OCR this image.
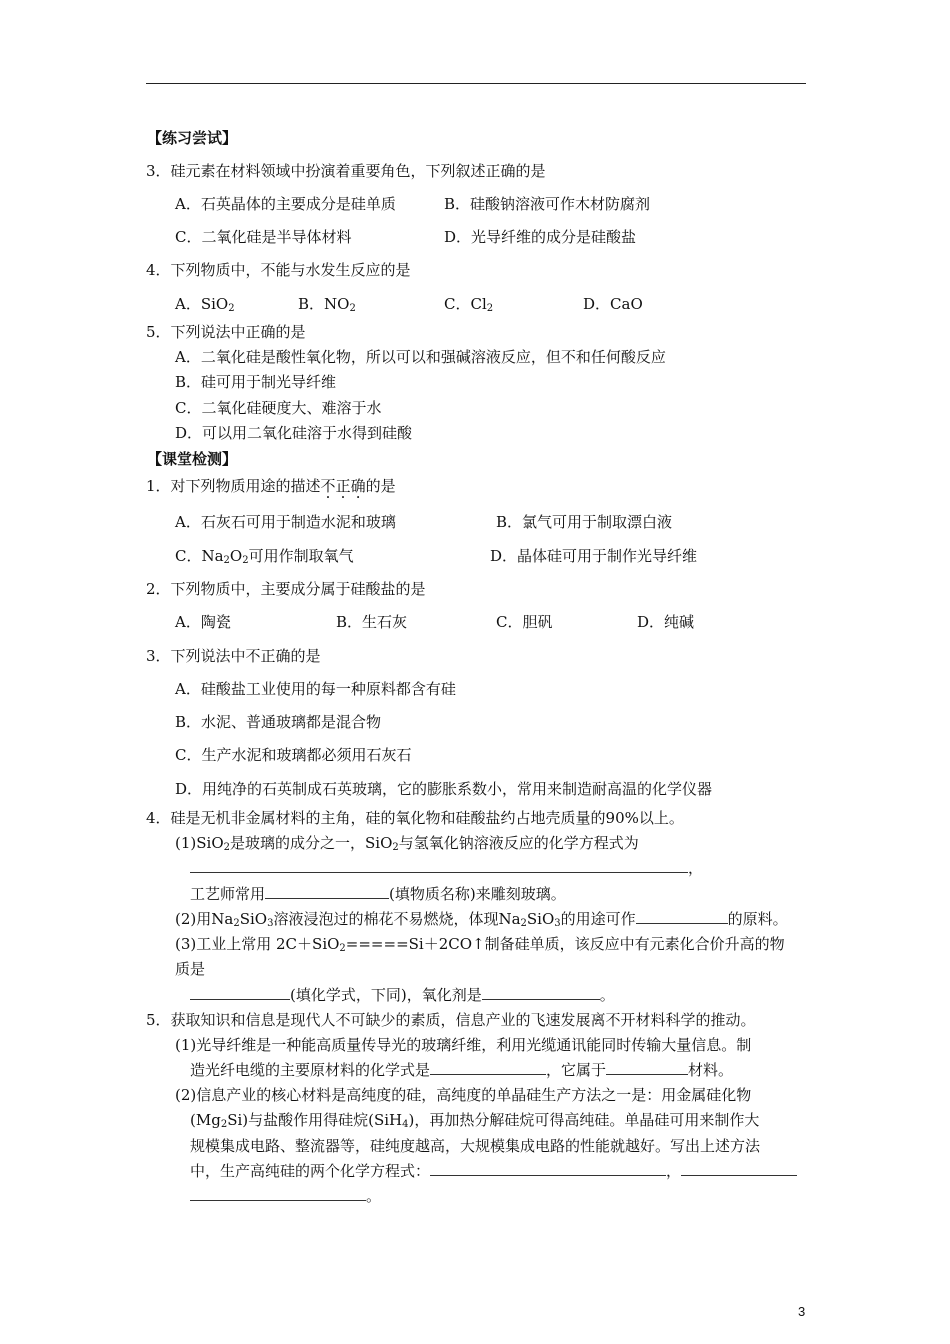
【练习尝试】
3．硅元素在材料领域中扮演着重要角色，下列叙述正确的是
A．石英晶体的主要成分是硅单质	B．硅酸钠溶液可作木材防腐剂
C．二氧化硅是半导体材料	D．光导纤维的成分是硅酸盐
4．下列物质中，不能与水发生反应的是
A．SiO$_2$	B．$NO_2$	C．$Cl_2$	D．CaO
5．下列说法中正确的是
A．二氧化硅是酸性氧化物，所以可以和强碱溶液反应，但不和任何酸反应
B．硅可用于制光导纤维
C．二氧化硅硬度大、难溶于水
D．可以用二氧化硅溶于水得到硅酸
【课堂检测】
1．对下列物质用途的描述不正确的是
A．石灰石可用于制造水泥和玻璃	B．氯气可用于制取漂白液
C．$Na_2O_2$可用作制取氧气	D．晶体硅可用于制作光导纤维
2．下列物质中，主要成分属于硅酸盐的是
A．陶瓷	B．生石灰	C．胆矾	D．纯碱
3．下列说法中不正确的是
A．硅酸盐工业使用的每一种原料都含有硅
B．水泥、普通玻璃都是混合物
C．生产水泥和玻璃都必须用石灰石
D．用纯净的石英制成石英玻璃，它的膨胀系数小，常用来制造耐高温的化学仪器
4．硅是无机非金属材料的主角，硅的氧化物和硅酸盐约占地壳质量的90%以上。
(1)SiO$_2$是玻璃的成分之一，SiO$_2$与氢氧化钠溶液反应的化学方程式为
，
工艺师常用	(填物质名称)来雕刻玻璃。
(2)用$Na_2SiO_3$溶液浸泡过的棉花不易燃烧，体现$Na_2SiO_3$的用途可作	的原料。
(3)工业上常用 2C＋SiO$_2$=====Si＋2CO↑制备硅单质，该反应中有元素化合价升高的物
质是
(填化学式，下同)，氧化剂是	。
5．获取知识和信息是现代人不可缺少的素质，信息产业的飞速发展离不开材料科学的推动。
(1)光导纤维是一种能高质量传导光的玻璃纤维，利用光缆通讯能同时传输大量信息。制
造光纤电缆的主要原材料的化学式是	，它属于	材料。
(2)信息产业的核心材料是高纯度的硅，高纯度的单晶硅生产方法之一是：用金属硅化物
$(Mg_2Si)$与盐酸作用得硅烷(SiH$_4$)，再加热分解硅烷可得高纯硅。单晶硅可用来制作大
规模集成电路、整流器等，硅纯度越高，大规模集成电路的性能就越好。写出上述方法
中，生产高纯硅的两个化学方程式：	，
。
3
